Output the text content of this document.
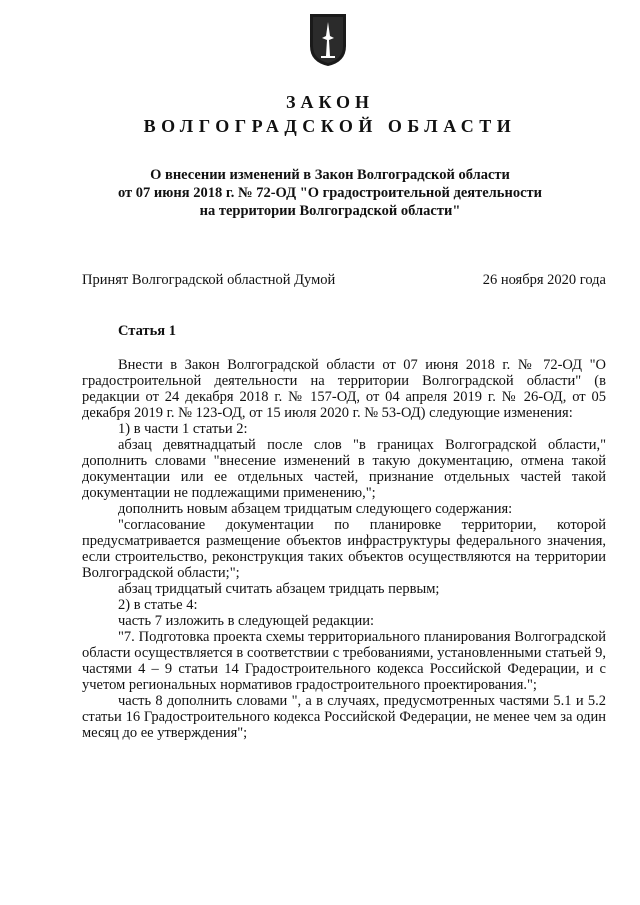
ЗАКОН
ВОЛГОГРАДСКОЙ ОБЛАСТИ
О внесении изменений в Закон Волгоградской области
от 07 июня 2018 г. № 72-ОД "О градостроительной деятельности
на территории Волгоградской области"
Принят Волгоградской областной Думой	26 ноября 2020 года
Статья 1

Внести в Закон Волгоградской области от 07 июня 2018 г. № 72-ОД "О градостроительной деятельности на территории Волгоградской области" (в редакции от 24 декабря 2018 г. № 157-ОД, от 04 апреля 2019 г. № 26-ОД, от 05 декабря 2019 г. № 123-ОД, от 15 июля 2020 г. № 53-ОД) следующие изменения:

1) в части 1 статьи 2:

абзац девятнадцатый после слов "в границах Волгоградской области," дополнить словами "внесение изменений в такую документацию, отмена такой документации или ее отдельных частей, признание отдельных частей такой документации не подлежащими применению,";

дополнить новым абзацем тридцатым следующего содержания:

"согласование документации по планировке территории, которой предусматривается размещение объектов инфраструктуры федерального значения, если строительство, реконструкция таких объектов осуществляются на территории Волгоградской области;";

абзац тридцатый считать абзацем тридцать первым;

2) в статье 4:

часть 7 изложить в следующей редакции:

"7. Подготовка проекта схемы территориального планирования Волгоградской области осуществляется в соответствии с требованиями, установленными статьей 9, частями 4 – 9 статьи 14 Градостроительного кодекса Российской Федерации, и с учетом региональных нормативов градостроительного проектирования.";

часть 8 дополнить словами ", а в случаях, предусмотренных частями 5.1 и 5.2 статьи 16 Градостроительного кодекса Российской Федерации, не менее чем за один месяц до ее утверждения";
